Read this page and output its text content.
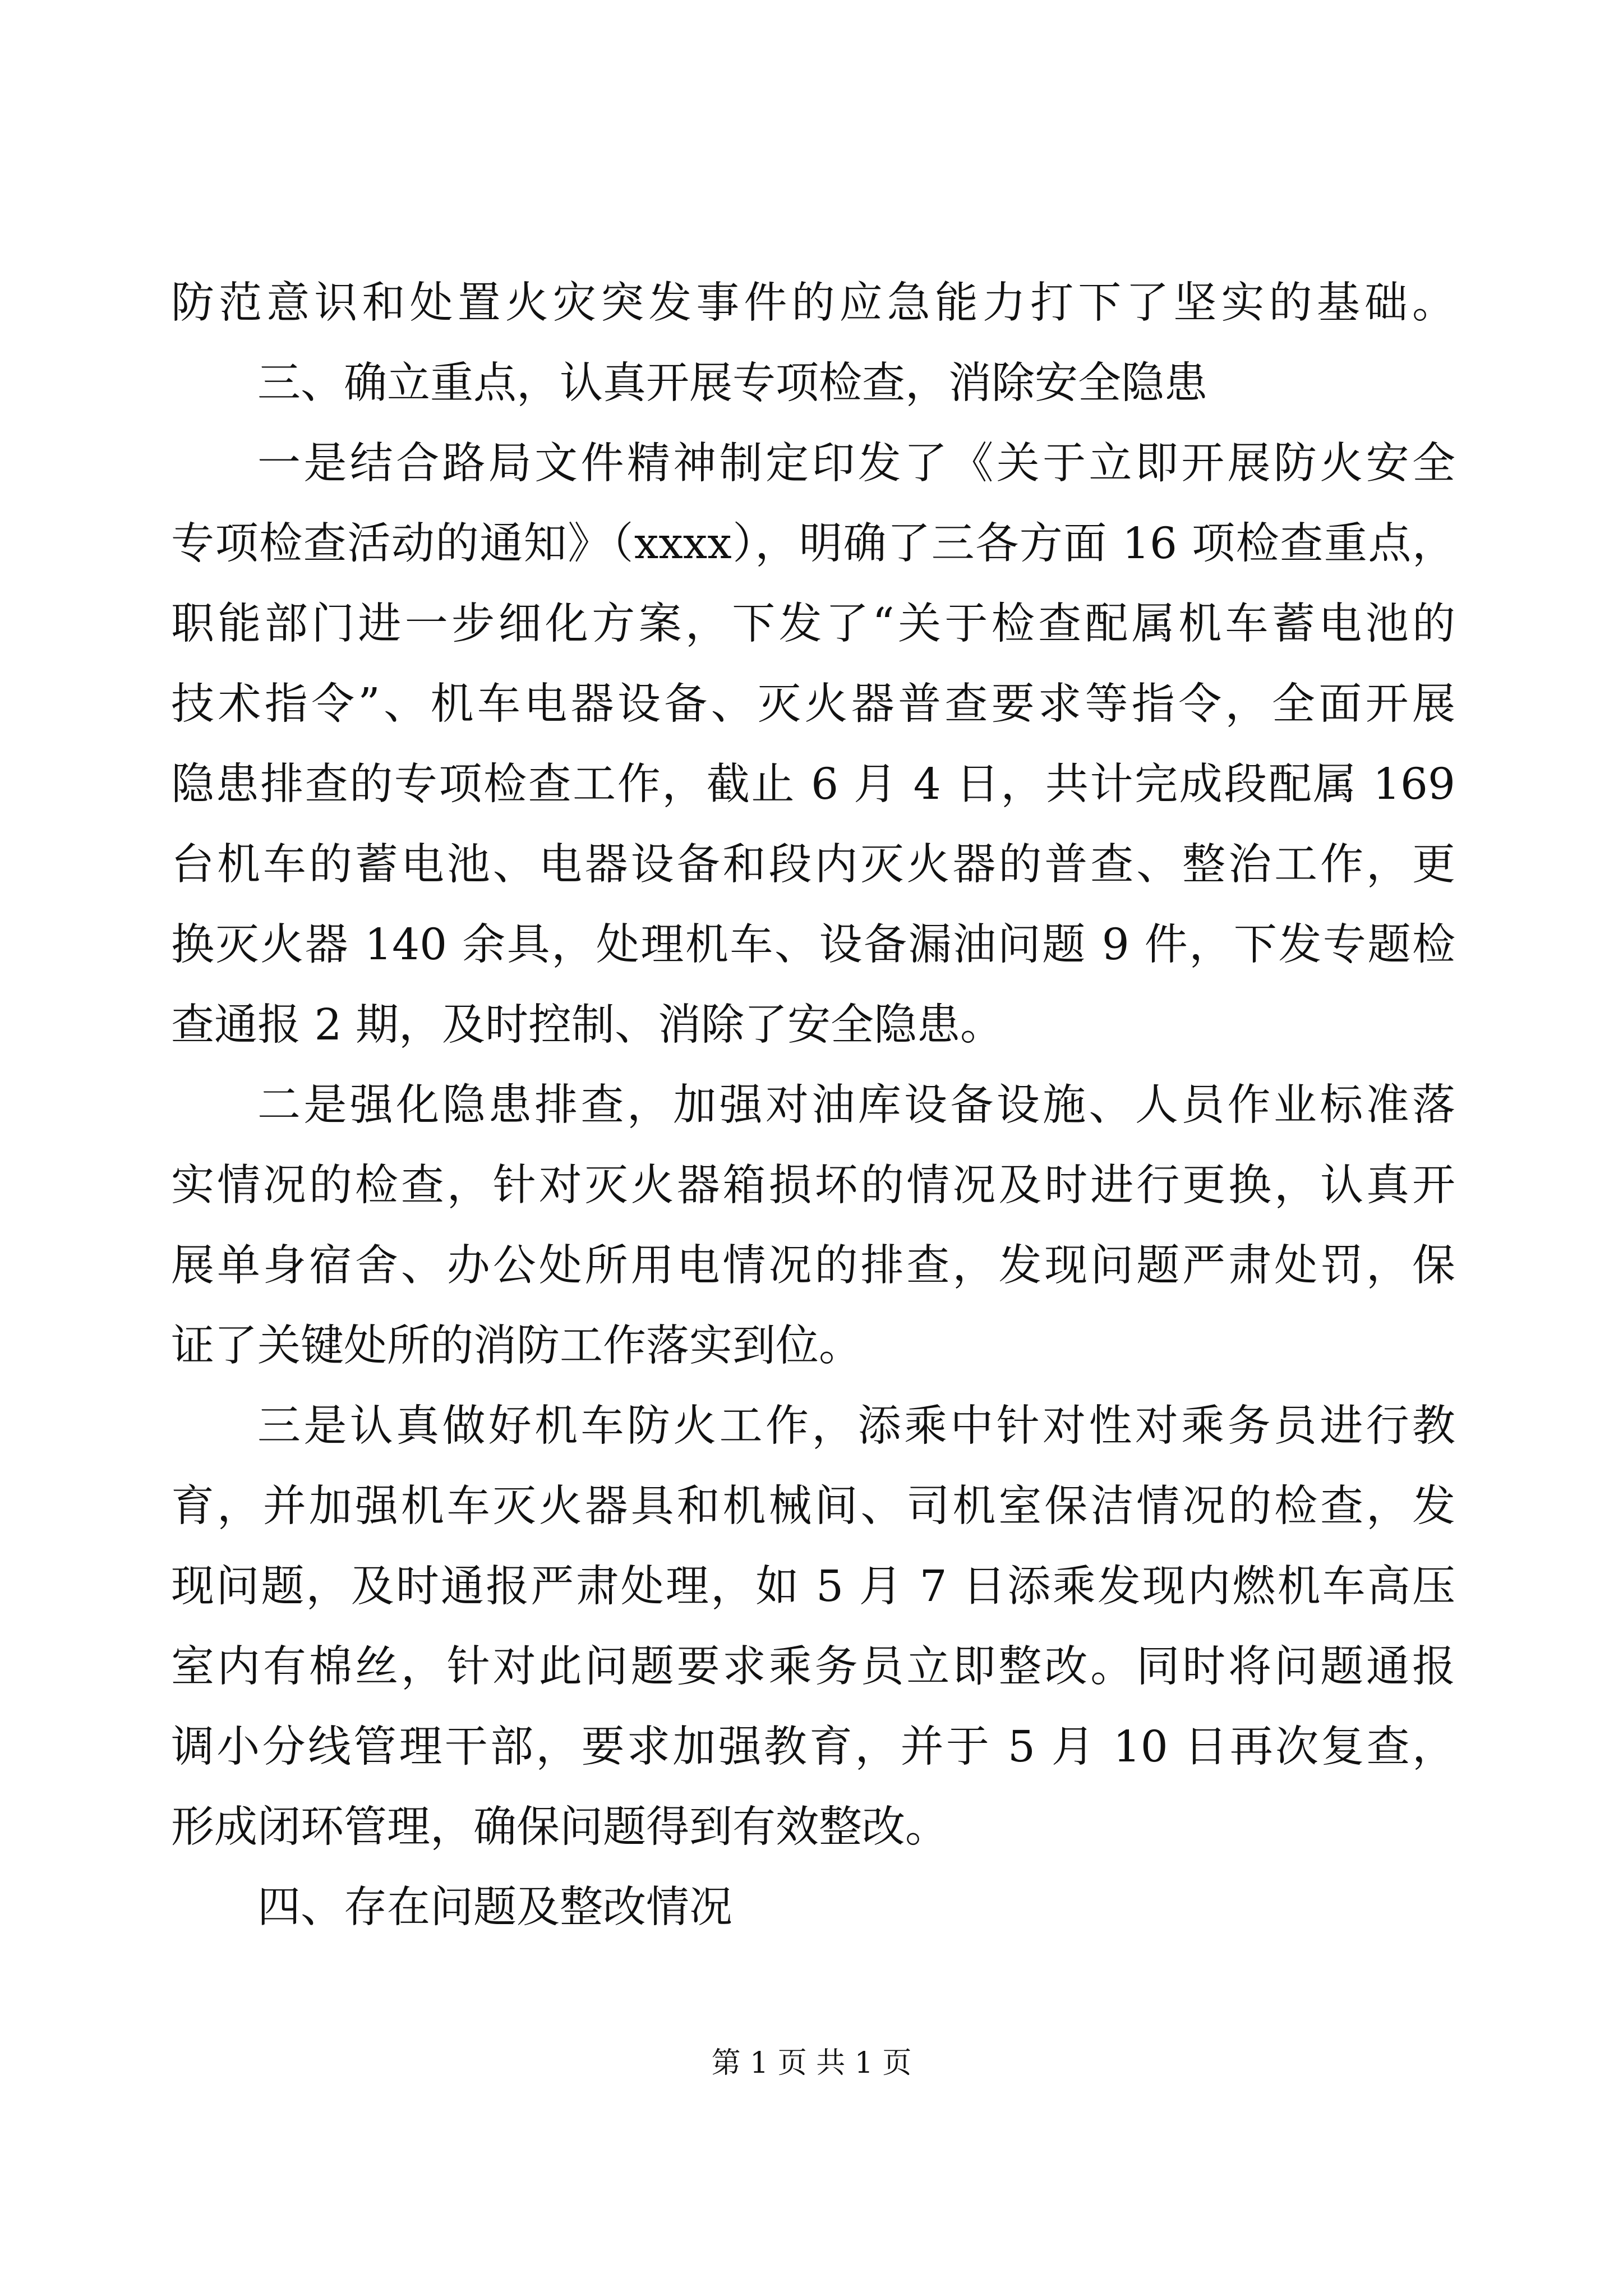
防范意识和处置火灾突发事件的应急能力打下了坚实的基础。
三、确立重点，认真开展专项检查，消除安全隐患
一是结合路局文件精神制定印发了《关于立即开展防火安全
专项检查活动的通知》（xxxx），明确了三各方面 16 项检查重点，
职能部门进一步细化方案，下发了“关于检查配属机车蓄电池的
技术指令”、机车电器设备、灭火器普查要求等指令，全面开展
隐患排查的专项检查工作，截止 6 月 4 日，共计完成段配属 169
台机车的蓄电池、电器设备和段内灭火器的普查、整治工作，更
换灭火器 140 余具，处理机车、设备漏油问题 9 件，下发专题检
查通报 2 期，及时控制、消除了安全隐患。
二是强化隐患排查，加强对油库设备设施、人员作业标准落
实情况的检查，针对灭火器箱损坏的情况及时进行更换，认真开
展单身宿舍、办公处所用电情况的排查，发现问题严肃处罚，保
证了关键处所的消防工作落实到位。
三是认真做好机车防火工作，添乘中针对性对乘务员进行教
育，并加强机车灭火器具和机械间、司机室保洁情况的检查，发
现问题，及时通报严肃处理，如 5 月 7 日添乘发现内燃机车高压
室内有棉丝，针对此问题要求乘务员立即整改。同时将问题通报
调小分线管理干部，要求加强教育，并于 5 月 10 日再次复查，
形成闭环管理，确保问题得到有效整改。
四、存在问题及整改情况
第 1 页 共 1 页
